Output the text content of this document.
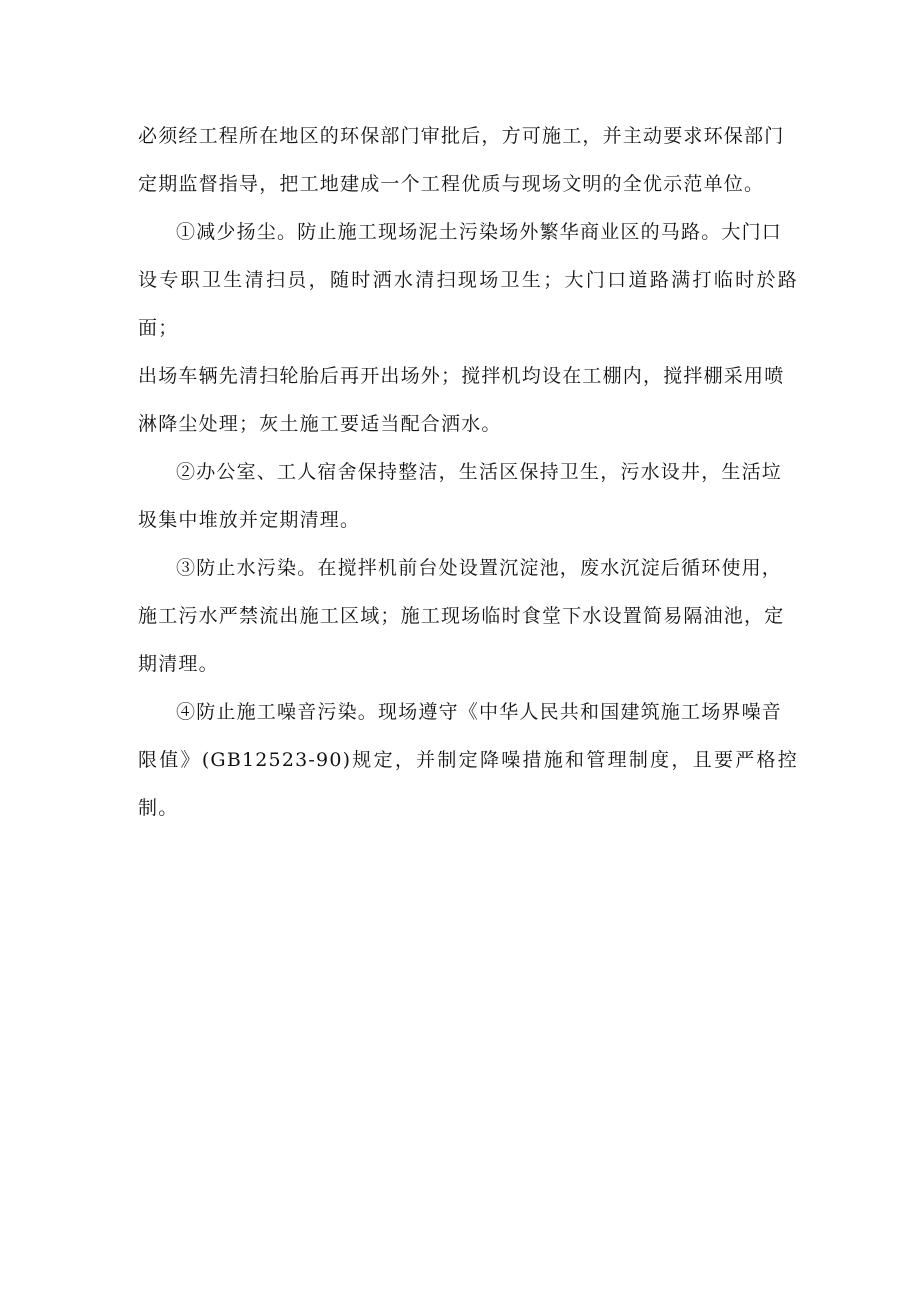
必须经工程所在地区的环保部门审批后，方可施工，并主动要求环保部门
定期监督指导，把工地建成一个工程优质与现场文明的全优示范单位。

①减少扬尘。防止施工现场泥土污染场外繁华商业区的马路。大门口
设专职卫生清扫员，随时洒水清扫现场卫生；大门口道路满打临时於路面；
出场车辆先清扫轮胎后再开出场外；搅拌机均设在工棚内，搅拌棚采用喷
淋降尘处理；灰土施工要适当配合洒水。

②办公室、工人宿舍保持整洁，生活区保持卫生，污水设井，生活垃
圾集中堆放并定期清理。

③防止水污染。在搅拌机前台处设置沉淀池，废水沉淀后循环使用，
施工污水严禁流出施工区域；施工现场临时食堂下水设置简易隔油池，定
期清理。

④防止施工噪音污染。现场遵守《中华人民共和国建筑施工场界噪音
限值》(GB12523-90)规定，并制定降噪措施和管理制度，且要严格控制。
